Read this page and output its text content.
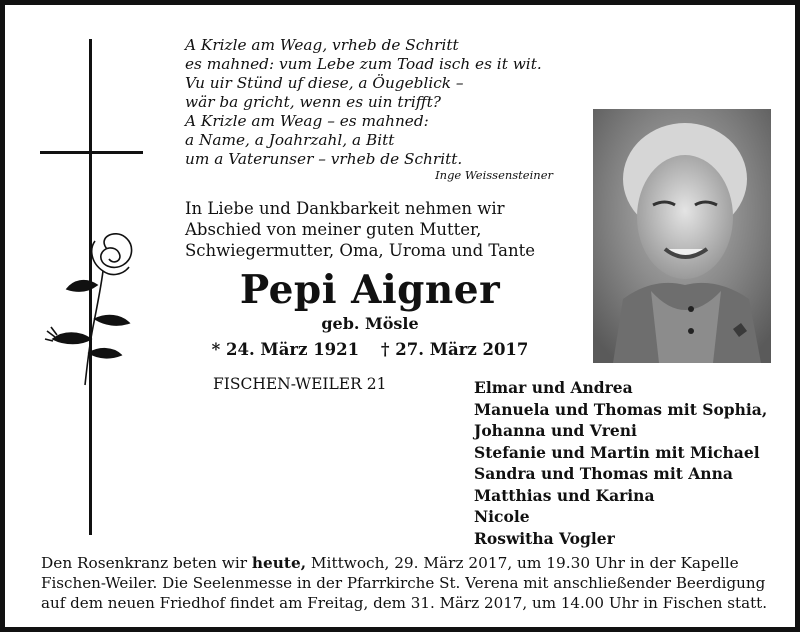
A Krizle am Weag, vrheb de Schritt
es mahned: vum Lebe zum Toad isch es it wit.
Vu uir Stünd uf diese, a Öugeblick –
wär ba gricht, wenn es uin trifft?
A Krizle am Weag – es mahned:
a Name, a Joahrzahl, a Bitt
um a Vaterunser – vrheb de Schritt.
Inge Weissensteiner
In Liebe und Dankbarkeit nehmen wir
Abschied von meiner guten Mutter,
Schwiegermutter, Oma, Uroma und Tante
Pepi Aigner
geb. Mösle
* 24. März 1921 † 27. März 2017
FISCHEN-WEILER 21	Elmar und Andrea
Manuela und Thomas mit Sophia,
Johanna und Vreni
Stefanie und Martin mit Michael
Sandra und Thomas mit Anna
Matthias und Karina
Nicole
Roswitha Vogler
Den Rosenkranz beten wir heute, Mittwoch, 29. März 2017, um 19.30 Uhr in der Kapelle
Fischen-Weiler. Die Seelenmesse in der Pfarrkirche St. Verena mit anschließender Beerdigung
auf dem neuen Friedhof findet am Freitag, dem 31. März 2017, um 14.00 Uhr in Fischen statt.
